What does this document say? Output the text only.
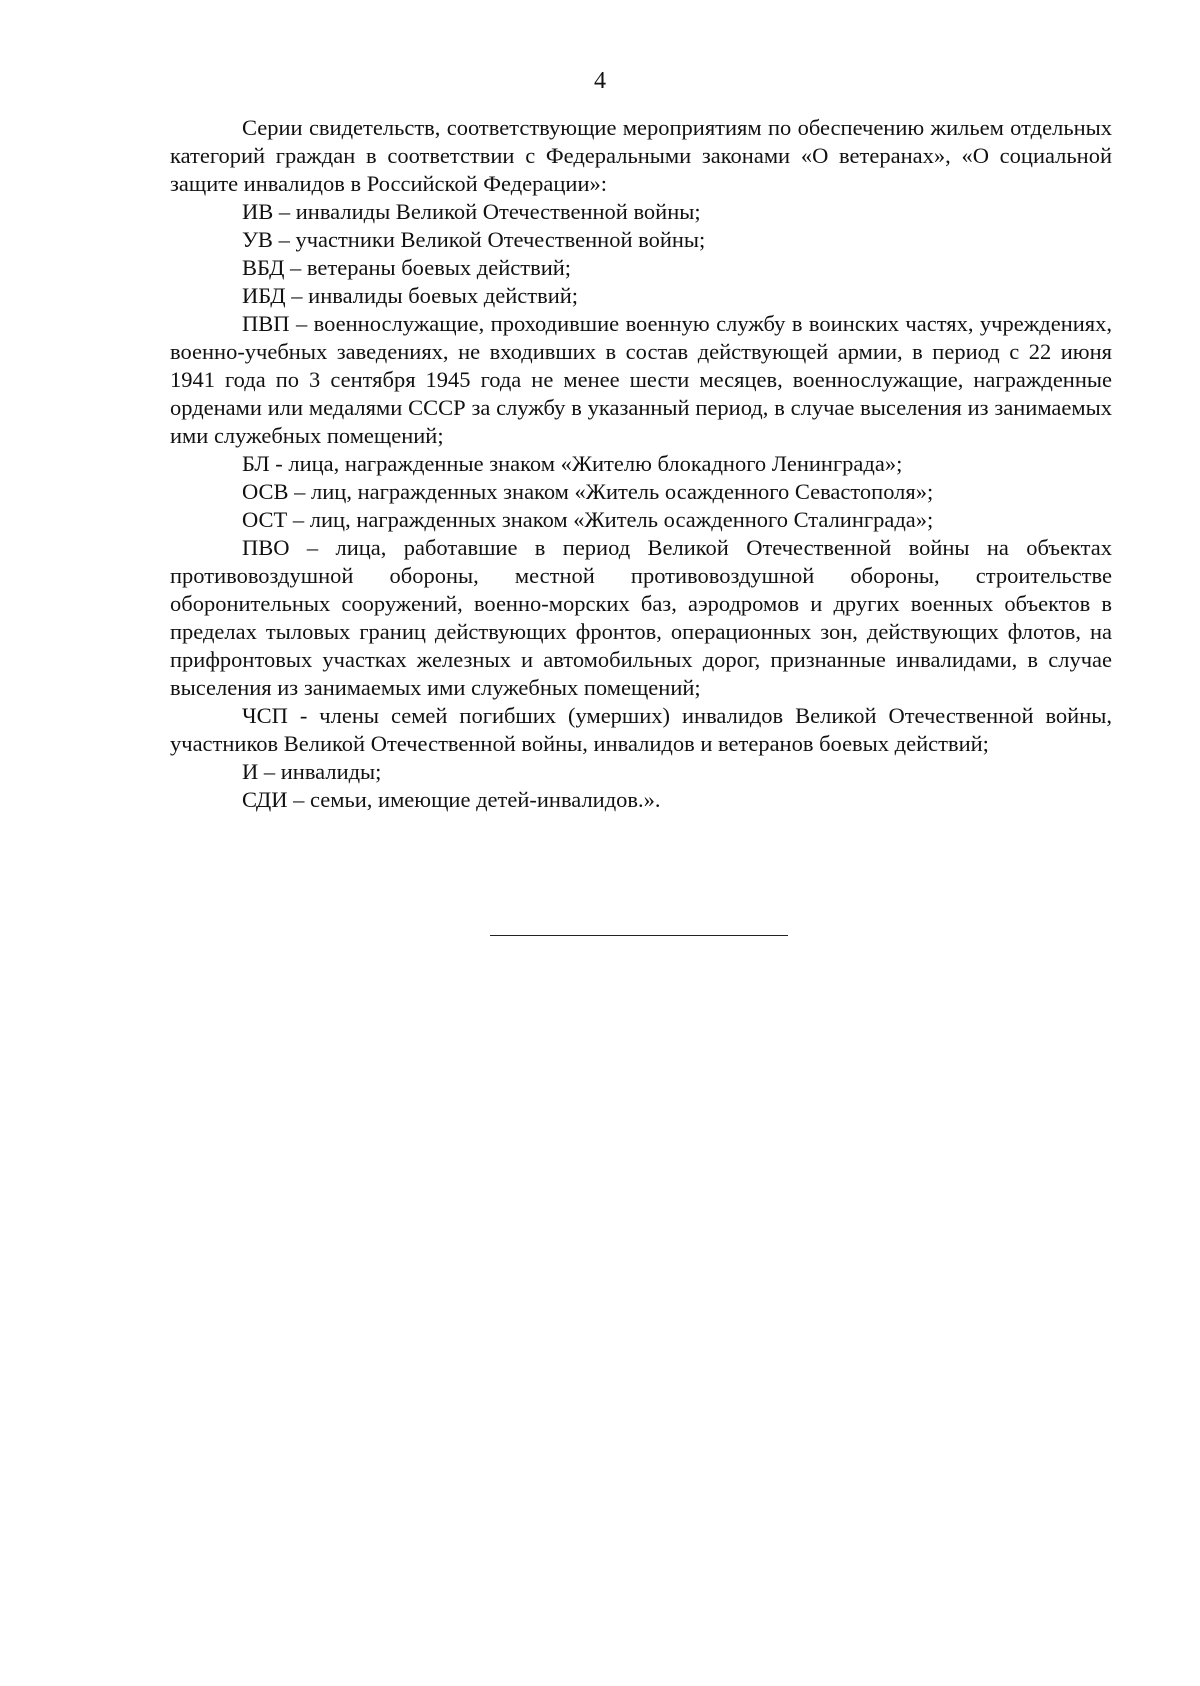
4

Серии свидетельств, соответствующие мероприятиям по обеспечению жильем отдельных категорий граждан в соответствии с Федеральными законами «О ветеранах», «О социальной защите инвалидов в Российской Федерации»:

ИВ – инвалиды Великой Отечественной войны;

УВ – участники Великой Отечественной войны;

ВБД – ветераны боевых действий;

ИБД – инвалиды боевых действий;

ПВП – военнослужащие, проходившие военную службу в воинских частях, учреждениях, военно-учебных заведениях, не входивших в состав действующей армии, в период с 22 июня 1941 года по 3 сентября 1945 года не менее шести месяцев, военнослужащие, награжденные орденами или медалями СССР за службу в указанный период, в случае выселения из занимаемых ими служебных помещений;

БЛ - лица, награжденные знаком «Жителю блокадного Ленинграда»;

ОСВ – лиц, награжденных знаком «Житель осажденного Севастополя»;

ОСТ – лиц, награжденных знаком «Житель осажденного Сталинграда»;

ПВО – лица, работавшие в период Великой Отечественной войны на объектах противовоздушной обороны, местной противовоздушной обороны, строительстве оборонительных сооружений, военно-морских баз, аэродромов и других военных объектов в пределах тыловых границ действующих фронтов, операционных зон, действующих флотов, на прифронтовых участках железных и автомобильных дорог, признанные инвалидами, в случае выселения из занимаемых ими служебных помещений;

ЧСП - члены семей погибших (умерших) инвалидов Великой Отечественной войны, участников Великой Отечественной войны, инвалидов и ветеранов боевых действий;

И – инвалиды;

СДИ – семьи, имеющие детей-инвалидов.».
